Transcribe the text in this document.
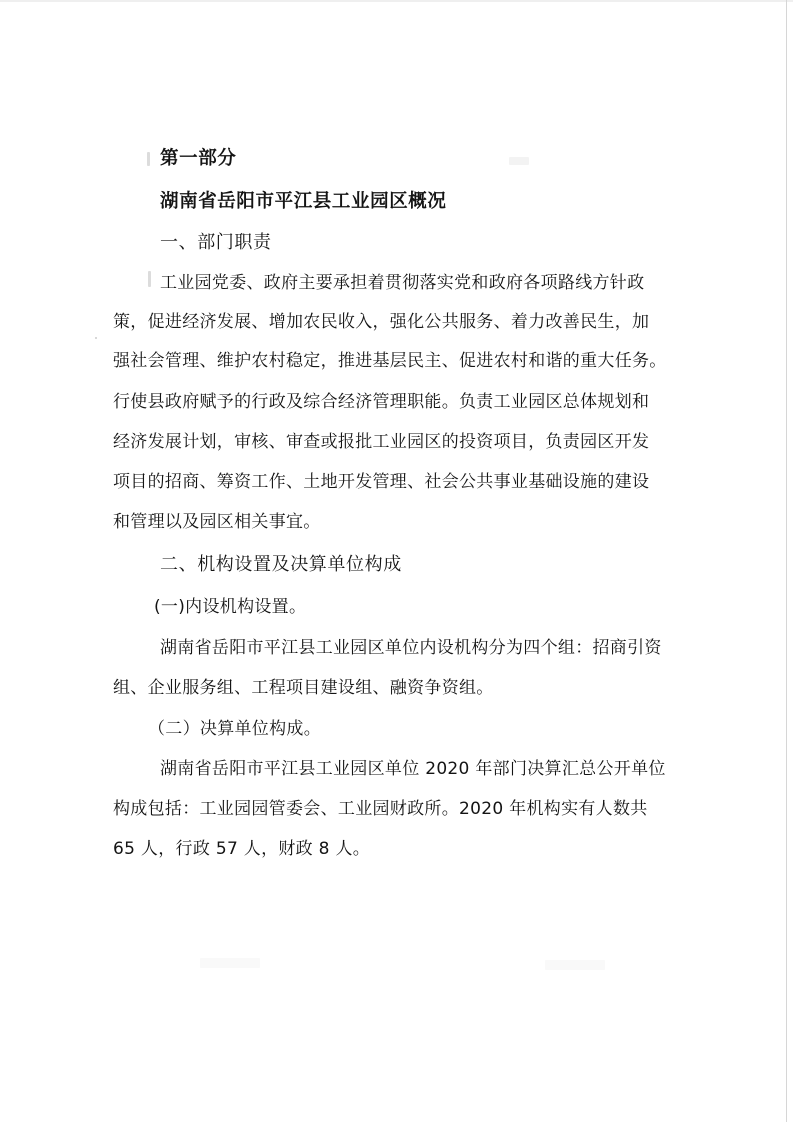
第一部分
湖南省岳阳市平江县工业园区概况
一、部门职责
工业园党委、政府主要承担着贯彻落实党和政府各项路线方针政
策，促进经济发展、增加农民收入，强化公共服务、着力改善民生，加
强社会管理、维护农村稳定，推进基层民主、促进农村和谐的重大任务。
行使县政府赋予的行政及综合经济管理职能。负责工业园区总体规划和
经济发展计划，审核、审查或报批工业园区的投资项目，负责园区开发
项目的招商、筹资工作、土地开发管理、社会公共事业基础设施的建设
和管理以及园区相关事宜。
二、机构设置及决算单位构成
(一)内设机构设置。
湖南省岳阳市平江县工业园区单位内设机构分为四个组：招商引资
组、企业服务组、工程项目建设组、融资争资组。
（二）决算单位构成。
湖南省岳阳市平江县工业园区单位 2020 年部门决算汇总公开单位
构成包括：工业园园管委会、工业园财政所。2020 年机构实有人数共
65 人，行政 57 人，财政 8 人。
